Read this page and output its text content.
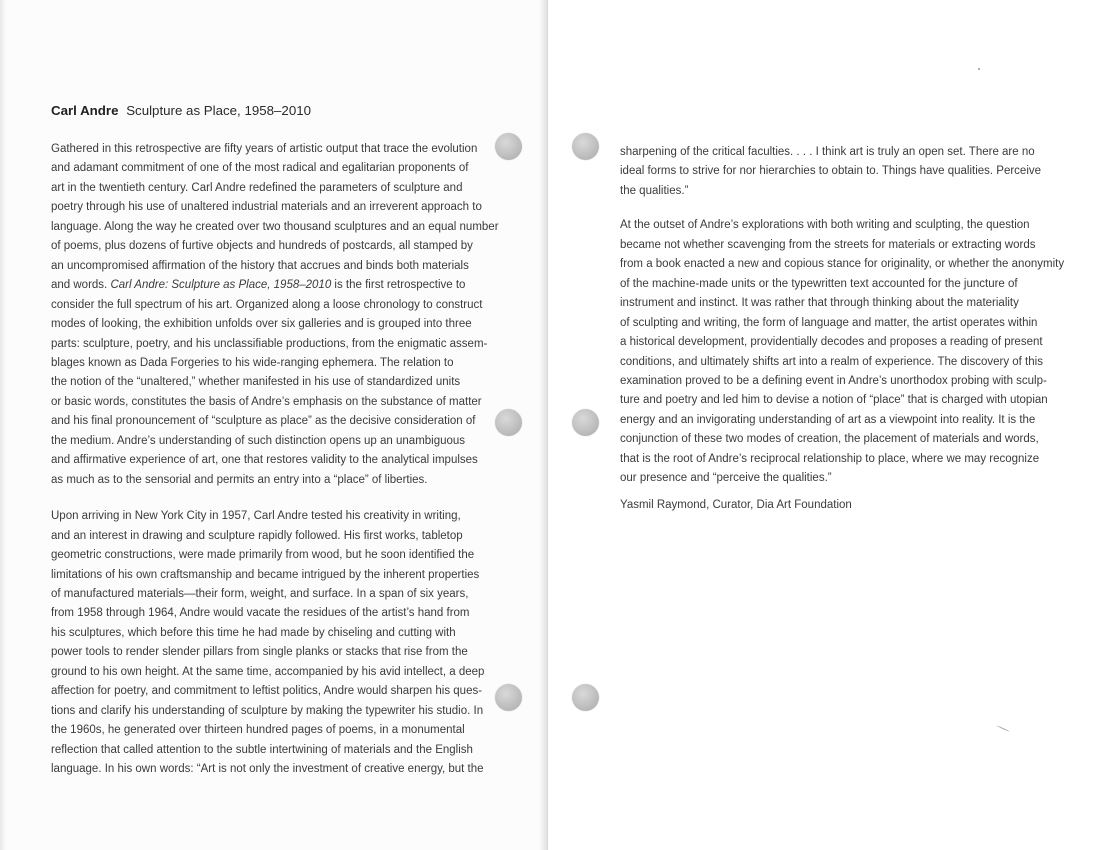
Carl Andre Sculpture as Place, 1958–2010

Gathered in this retrospective are fifty years of artistic output that trace the evolution
and adamant commitment of one of the most radical and egalitarian proponents of
art in the twentieth century. Carl Andre redefined the parameters of sculpture and
poetry through his use of unaltered industrial materials and an irreverent approach to
language. Along the way he created over two thousand sculptures and an equal number
of poems, plus dozens of furtive objects and hundreds of postcards, all stamped by
an uncompromised affirmation of the history that accrues and binds both materials
and words. Carl Andre: Sculpture as Place, 1958–2010 is the first retrospective to
consider the full spectrum of his art. Organized along a loose chronology to construct
modes of looking, the exhibition unfolds over six galleries and is grouped into three
parts: sculpture, poetry, and his unclassifiable productions, from the enigmatic assem-
blages known as Dada Forgeries to his wide-ranging ephemera. The relation to
the notion of the “unaltered,” whether manifested in his use of standardized units
or basic words, constitutes the basis of Andre’s emphasis on the substance of matter
and his final pronouncement of “sculpture as place” as the decisive consideration of
the medium. Andre’s understanding of such distinction opens up an unambiguous
and affirmative experience of art, one that restores validity to the analytical impulses
as much as to the sensorial and permits an entry into a “place” of liberties.

Upon arriving in New York City in 1957, Carl Andre tested his creativity in writing,
and an interest in drawing and sculpture rapidly followed. His first works, tabletop
geometric constructions, were made primarily from wood, but he soon identified the
limitations of his own craftsmanship and became intrigued by the inherent properties
of manufactured materials—their form, weight, and surface. In a span of six years,
from 1958 through 1964, Andre would vacate the residues of the artist’s hand from
his sculptures, which before this time he had made by chiseling and cutting with
power tools to render slender pillars from single planks or stacks that rise from the
ground to his own height. At the same time, accompanied by his avid intellect, a deep
affection for poetry, and commitment to leftist politics, Andre would sharpen his ques-
tions and clarify his understanding of sculpture by making the typewriter his studio. In
the 1960s, he generated over thirteen hundred pages of poems, in a monumental
reflection that called attention to the subtle intertwining of materials and the English
language. In his own words: “Art is not only the investment of creative energy, but the

sharpening of the critical faculties. . . . I think art is truly an open set. There are no
ideal forms to strive for nor hierarchies to obtain to. Things have qualities. Perceive
the qualities.”

At the outset of Andre’s explorations with both writing and sculpting, the question
became not whether scavenging from the streets for materials or extracting words
from a book enacted a new and copious stance for originality, or whether the anonymity
of the machine-made units or the typewritten text accounted for the juncture of
instrument and instinct. It was rather that through thinking about the materiality
of sculpting and writing, the form of language and matter, the artist operates within
a historical development, providentially decodes and proposes a reading of present
conditions, and ultimately shifts art into a realm of experience. The discovery of this
examination proved to be a defining event in Andre’s unorthodox probing with sculp-
ture and poetry and led him to devise a notion of “place” that is charged with utopian
energy and an invigorating understanding of art as a viewpoint into reality. It is the
conjunction of these two modes of creation, the placement of materials and words,
that is the root of Andre’s reciprocal relationship to place, where we may recognize
our presence and “perceive the qualities.”

Yasmil Raymond, Curator, Dia Art Foundation
